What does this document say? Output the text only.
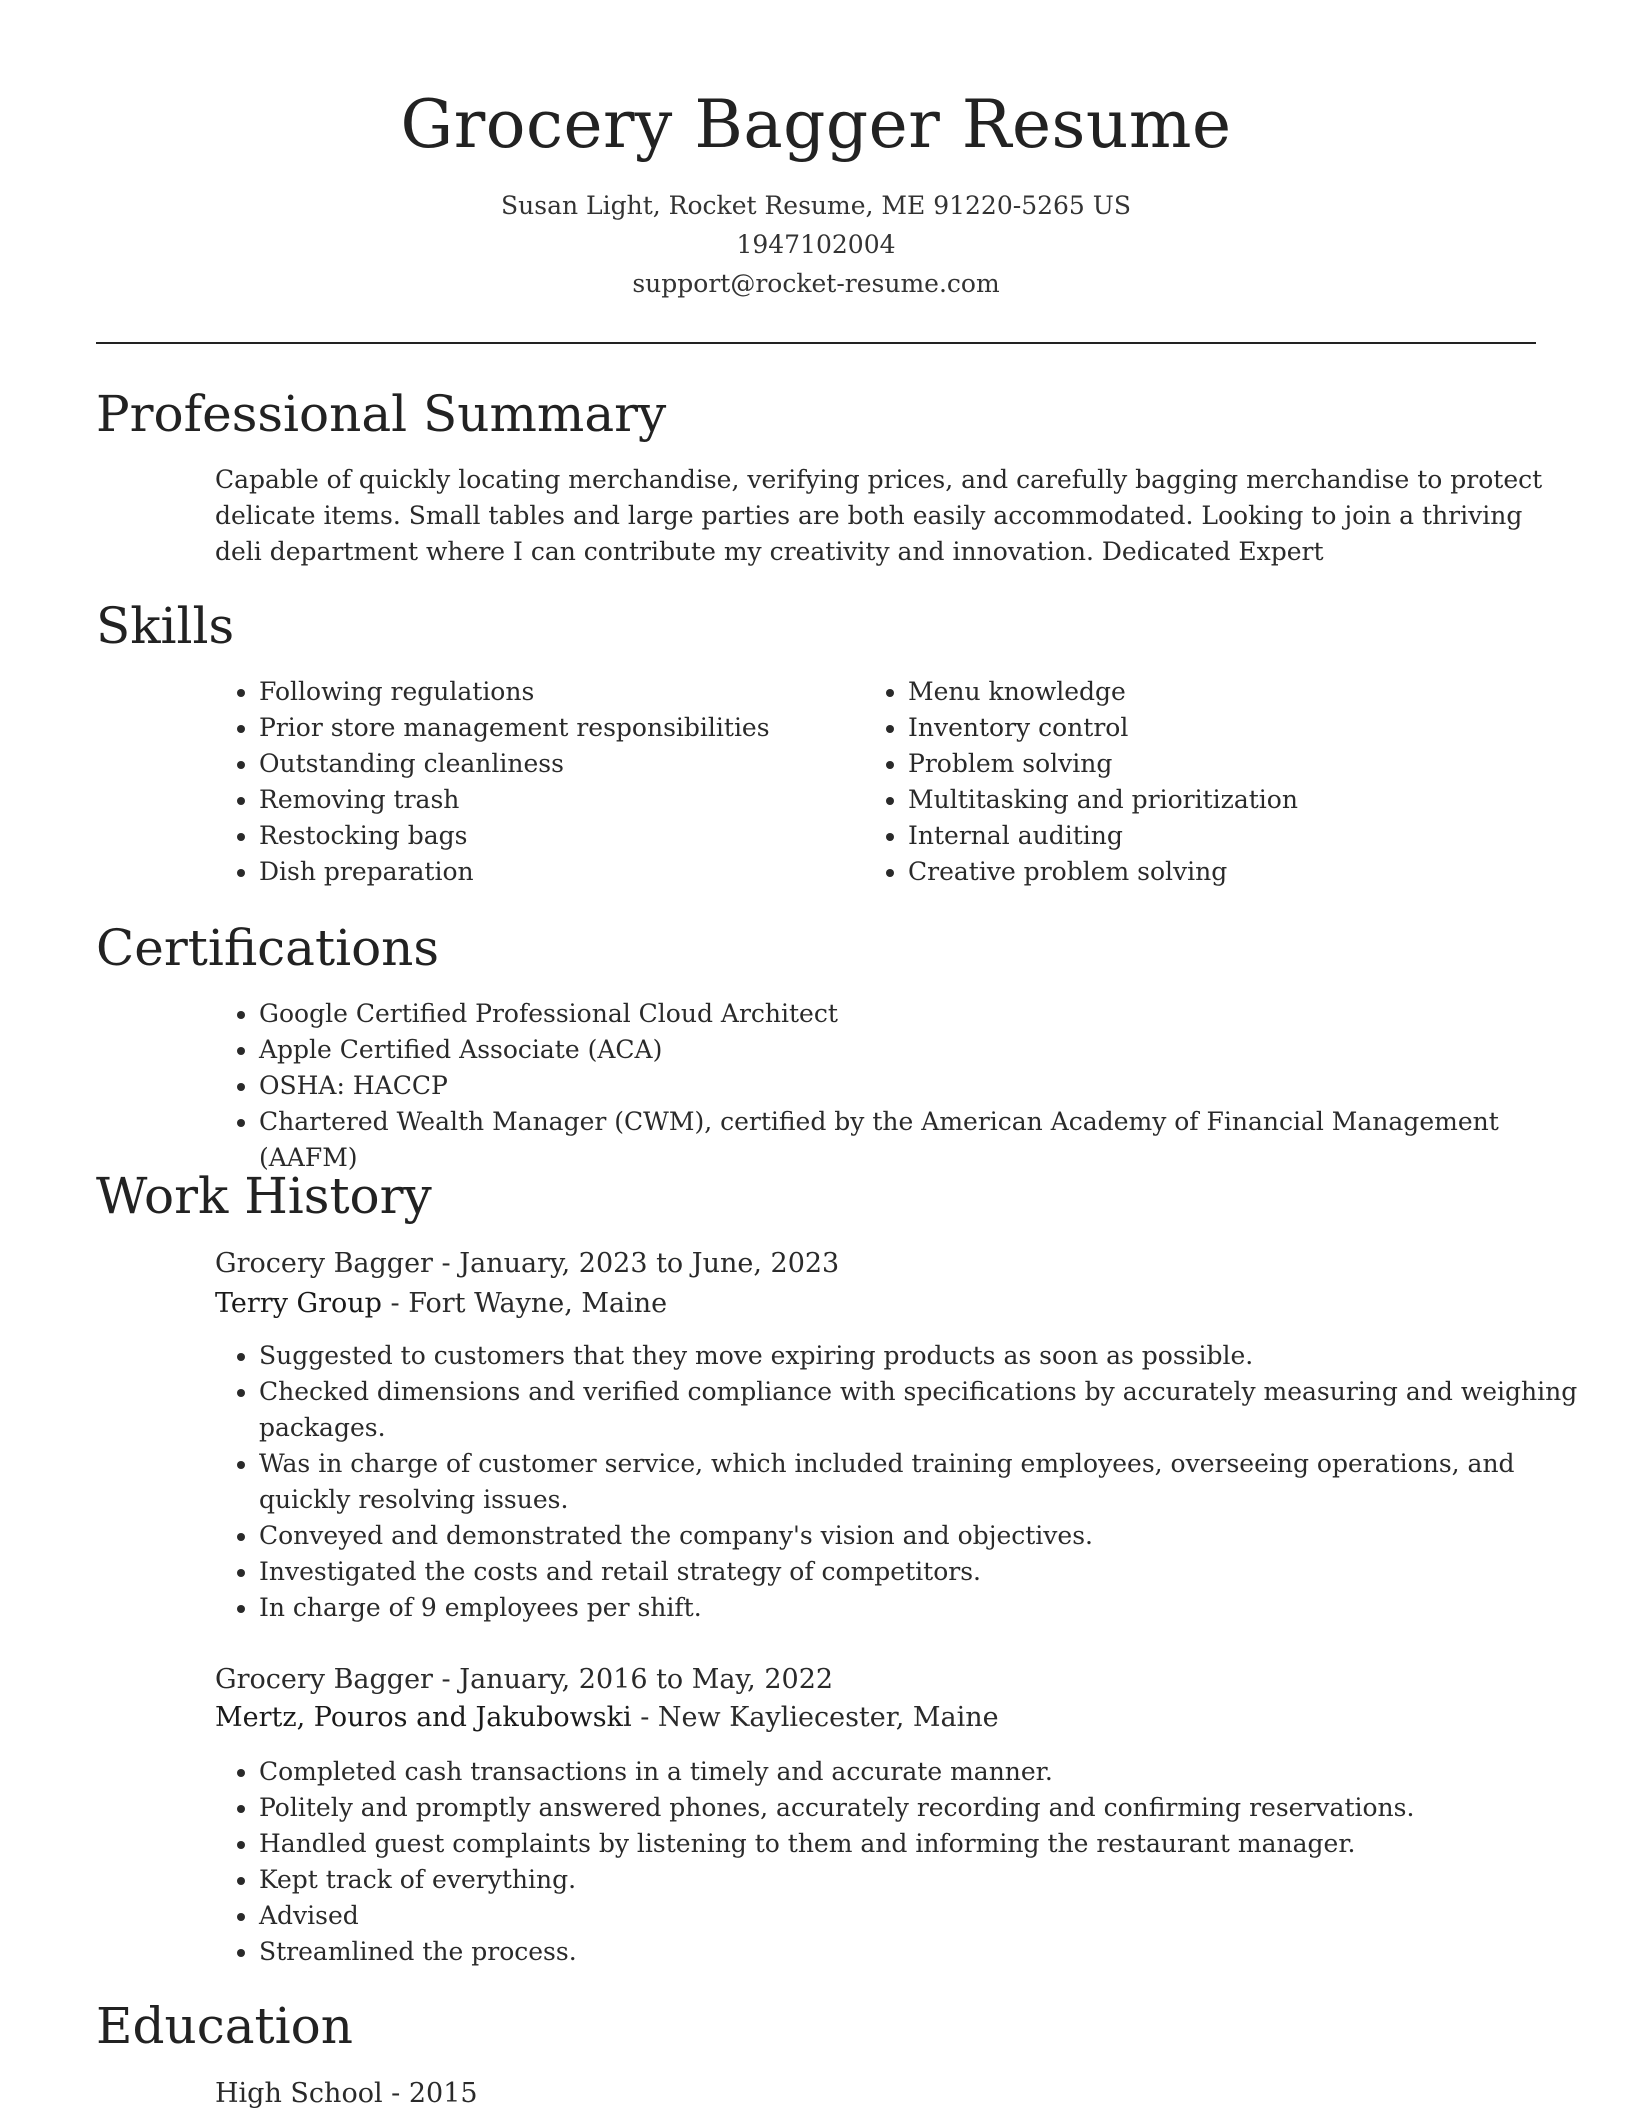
Grocery Bagger Resume
Susan Light, Rocket Resume, ME 91220-5265 US
1947102004
support@rocket-resume.com
Professional Summary
Capable of quickly locating merchandise, verifying prices, and carefully bagging merchandise to protect delicate items. Small tables and large parties are both easily accommodated. Looking to join a thriving deli department where I can contribute my creativity and innovation. Dedicated Expert
Skills
• Following regulations
• Prior store management responsibilities
• Outstanding cleanliness
• Removing trash
• Restocking bags
• Dish preparation
• Menu knowledge
• Inventory control
• Problem solving
• Multitasking and prioritization
• Internal auditing
• Creative problem solving
Certifications
• Google Certified Professional Cloud Architect
• Apple Certified Associate (ACA)
• OSHA: HACCP
• Chartered Wealth Manager (CWM), certified by the American Academy of Financial Management (AAFM)
Work History
Grocery Bagger - January, 2023 to June, 2023
Terry Group - Fort Wayne, Maine
• Suggested to customers that they move expiring products as soon as possible.
• Checked dimensions and verified compliance with specifications by accurately measuring and weighing packages.
• Was in charge of customer service, which included training employees, overseeing operations, and quickly resolving issues.
• Conveyed and demonstrated the company's vision and objectives.
• Investigated the costs and retail strategy of competitors.
• In charge of 9 employees per shift.
Grocery Bagger - January, 2016 to May, 2022
Mertz, Pouros and Jakubowski - New Kayliecester, Maine
• Completed cash transactions in a timely and accurate manner.
• Politely and promptly answered phones, accurately recording and confirming reservations.
• Handled guest complaints by listening to them and informing the restaurant manager.
• Kept track of everything.
• Advised
• Streamlined the process.
Education
High School - 2015
